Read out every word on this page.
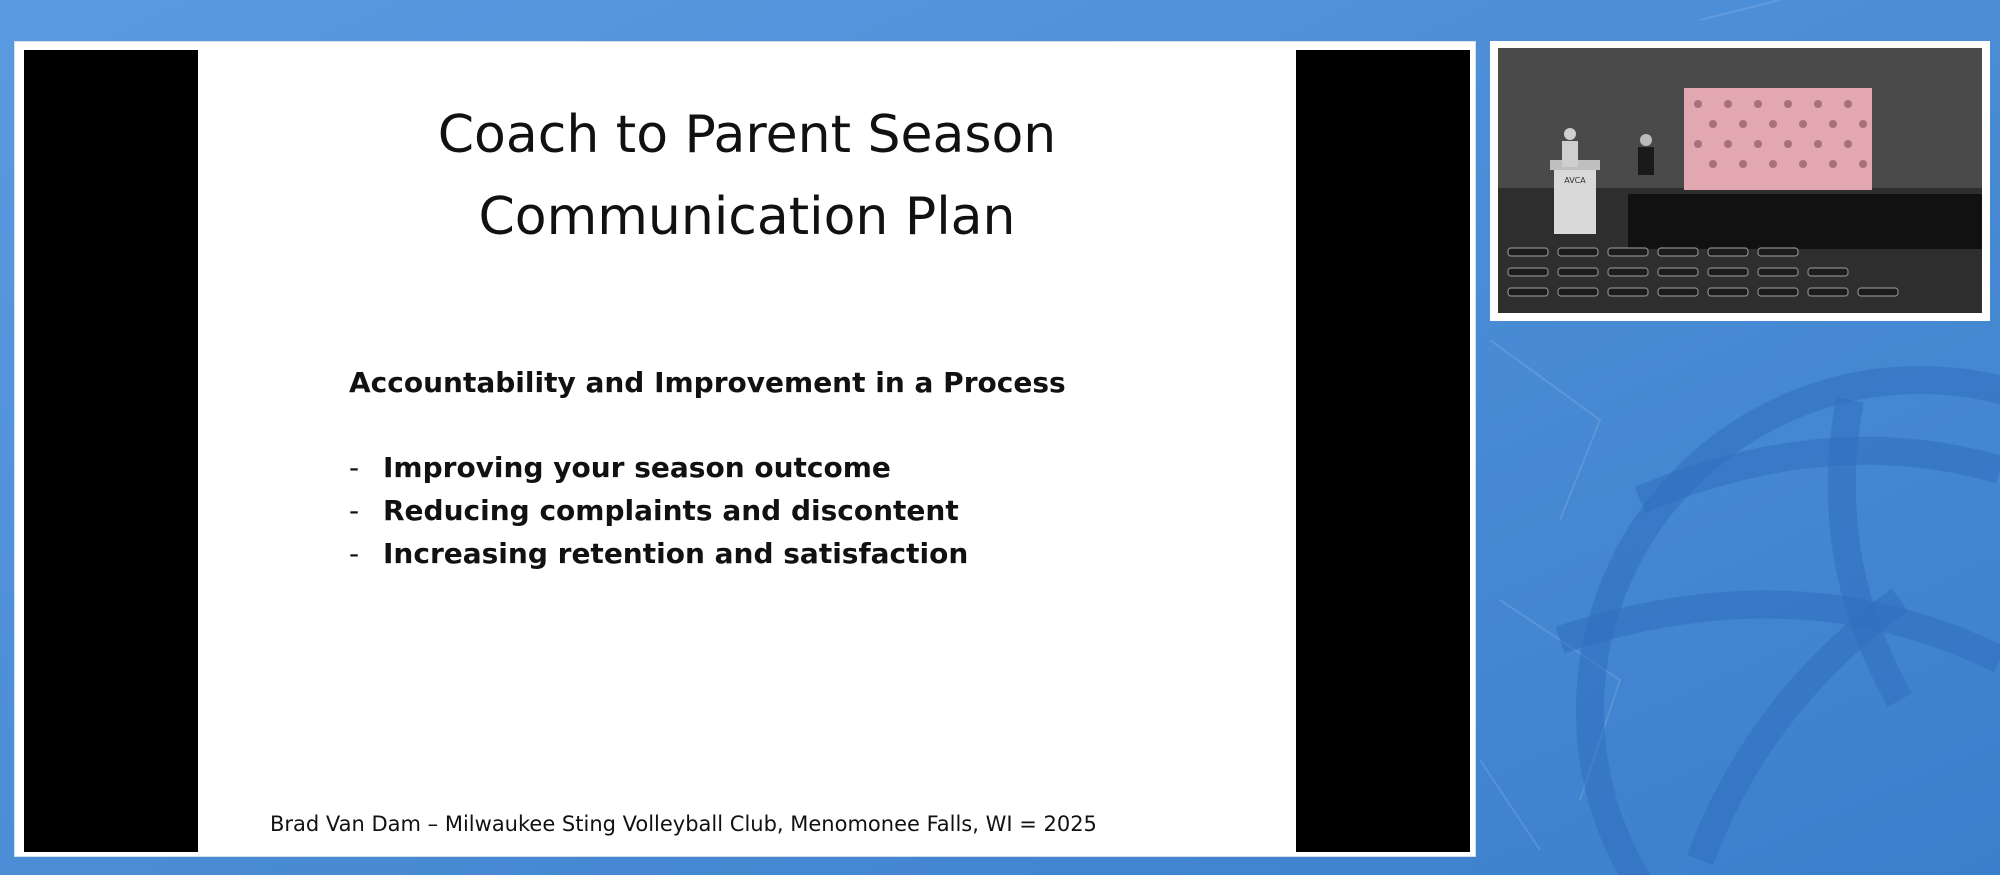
Coach to Parent Season
Communication Plan
Accountability and Improvement in a Process
- Improving your season outcome
- Reducing complaints and discontent
- Increasing retention and satisfaction
Brad Van Dam – Milwaukee Sting Volleyball Club, Menomonee Falls, WI = 2025
AVCA
